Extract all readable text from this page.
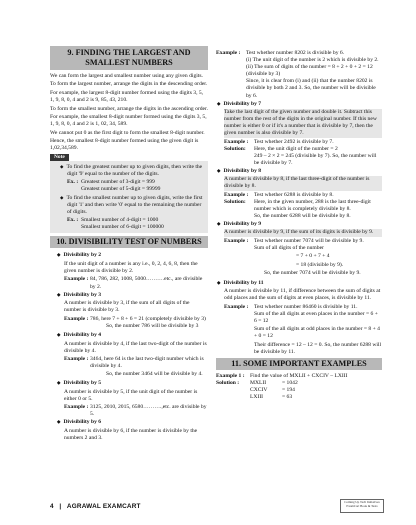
9. FINDING THE LARGEST AND SMALLEST NUMBERS

We can form the largest and smallest number using any given digits.

To form the largest number, arrange the digits in the descending order.

For example, the largest 8-digit number formed using the digits 3, 5, 1, 9, 8, 0, 4 and 2 is 9, 85, 43, 210.

To form the smallest number, arrange the digits in the ascending order.

For example, the smallest 8-digit number formed using the digits 3, 5, 1, 9, 8, 0, 4 and 2 is 1, 02, 34, 589.

We cannot put 0 as the first digit to form the smallest 8-digit number.

Hence, the smallest 8-digit number formed using the given digit is 1,02,34,589.

Note

To find the greatest number up to given digits, then write the digit '9' equal to the number of the digits.

Ex. : Greatest number of 3-digit = 999
Greatest number of 5-digit = 99999

To find the smallest number up to given digits, write the first digit '1' and then write '0' equal to the remaining the number of digits.

Ex. : Smallest number of 4-digit = 1000
Smallest number of 6-digit = 100000
10. DIVISIBILITY TEST OF NUMBERS

Divisibility by 2

If the unit digit of a number is any i.e., 0, 2, 4, 6, 8, then the given number is divisible by 2.

Example : 84, 786, 282, 1008, 5000……….etc., are divisible by 2.

Divisibility by 3

A number is divisible by 3, if the sum of all digits of the number is divisible by 3.

Example : 786, here 7 + 8 + 6 = 21 (completely divisible by 3)

So, the number 786 will be divisible by 3

Divisibility by 4

A number is divisible by 4, if the last two-digit of the number is divisible by 4.

Example : 3464, here 64 is the last two-digit number which is divisible by 4.

So, the number 3464 will be divisible by 4.

Divisibility by 5

A number is divisible by 5, if the unit digit of the number is either 0 or 5.

Example : 3125, 2010, 2015, 6580……….,etc. are divisible by 5.

Divisibility by 6

A number is divisible by 6, if the number is divisible by the numbers 2 and 3.

Example : Test whether number 8202 is divisible by 6.
(i) The unit digit of the number is 2 which is divisible by 2.
(ii) The sum of digits of the number = 8 + 2 + 0 + 2 = 12 (divisible by 3)
Since, it is clear from (i) and (ii) that the number 8202 is divisible by both 2 and 3. So, the number will be divisible by 6.

Divisibility by 7

Take the last digit of the given number and double it. Subtract this number from the rest of the digits in the original number. If this new number is either 0 or if it's a number that is divisible by 7, then the given number is also divisible by 7.

Example : Test whether 2492 is divisible by 7.
Solution:	Here, the unit digit of the number = 2
249 – 2 × 2 = 245 (divisible by 7). So, the number will be divisible by 7.

Divisibility by 8

A number is divisible by 8, if the last three-digit of the number is divisible by 8.

Example : Test whether 6288 is divisible by 8.
Solution:	Here, in the given number, 288 is the last three-digit number which is completely divisible by 8.
So, the number 6288 will be divisible by 8.

Divisibility by 9

A number is divisible by 9, if the sum of its digits is divisible by 9.

Example : Test whether number 7074 will be divisible by 9.

Sum of all digits of the number

= 7 + 0 + 7 + 4

= 18 (divisible by 9).

So, the number 7074 will be divisible by 9.

Divisibility by 11

A number is divisible by 11, if difference between the sum of digits at odd places and the sum of digits at even places, is divisible by 11.

Example : Test whether number 86460 is divisible by 11.

Sum of the all digits at even places in the number = 6 + 6 = 12

Sum of the all digits at odd places in the number = 8 + 4 + 0 = 12

Their difference = 12 – 12 = 0. So, the number 6288 will be divisible by 11.

11. SOME IMPORTANT EXAMPLES
Example 1 : Find the value of MXLII + CXCIV – LXIII
Solution :	MXLII	= 1042
CXCIV	= 194
LXIII	= 63
4 | AGRAWAL EXAMCART
Coming Up Tech Initiatives
ExamCart Book & Tests
